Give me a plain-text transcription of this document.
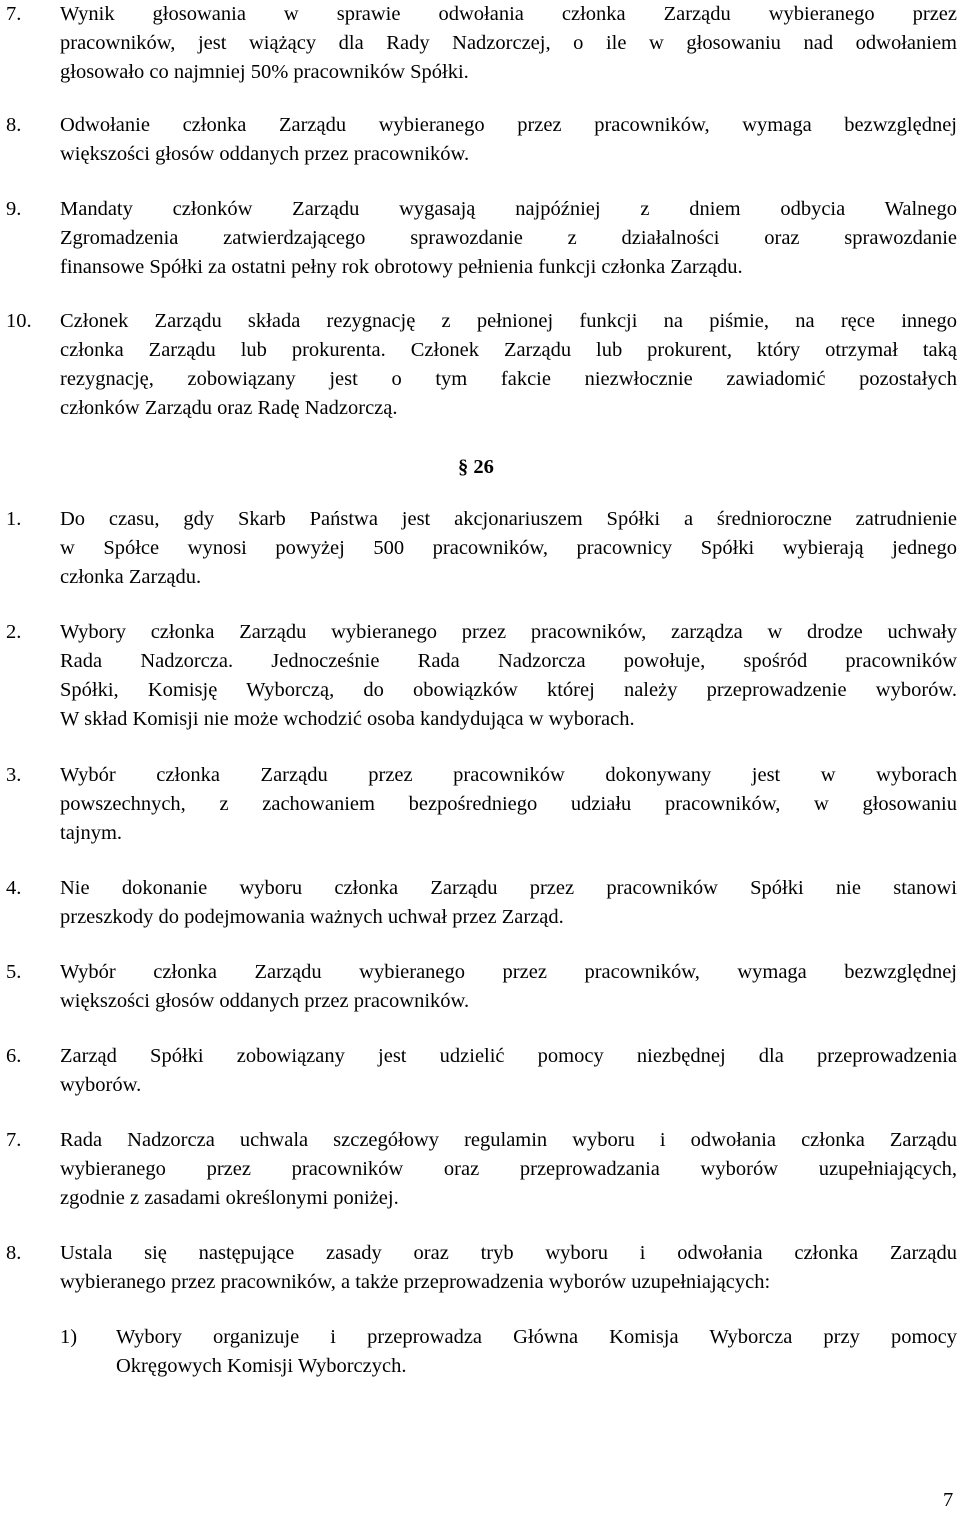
7. Wynik głosowania w sprawie odwołania członka Zarządu wybieranego przez
pracowników, jest wiążący dla Rady Nadzorczej, o ile w głosowaniu nad odwołaniem
głosowało co najmniej 50% pracowników Spółki.
8. Odwołanie członka Zarządu wybieranego przez pracowników, wymaga bezwzględnej
większości głosów oddanych przez pracowników.
9. Mandaty członków Zarządu wygasają najpóźniej z dniem odbycia Walnego
Zgromadzenia zatwierdzającego sprawozdanie z działalności oraz sprawozdanie
finansowe Spółki za ostatni pełny rok obrotowy pełnienia funkcji członka Zarządu.
10. Członek Zarządu składa rezygnację z pełnionej funkcji na piśmie, na ręce innego
członka Zarządu lub prokurenta. Członek Zarządu lub prokurent, który otrzymał taką
rezygnację, zobowiązany jest o tym fakcie niezwłocznie zawiadomić pozostałych
członków Zarządu oraz Radę Nadzorczą.
§ 26
1. Do czasu, gdy Skarb Państwa jest akcjonariuszem Spółki a średnioroczne zatrudnienie
w Spółce wynosi powyżej 500 pracowników, pracownicy Spółki wybierają jednego
członka Zarządu.
2. Wybory członka Zarządu wybieranego przez pracowników, zarządza w drodze uchwały
Rada Nadzorcza. Jednocześnie Rada Nadzorcza powołuje, spośród pracowników
Spółki, Komisję Wyborczą, do obowiązków której należy przeprowadzenie wyborów.
W skład Komisji nie może wchodzić osoba kandydująca w wyborach.
3. Wybór członka Zarządu przez pracowników dokonywany jest w wyborach
powszechnych, z zachowaniem bezpośredniego udziału pracowników, w głosowaniu
tajnym.
4. Nie dokonanie wyboru członka Zarządu przez pracowników Spółki nie stanowi
przeszkody do podejmowania ważnych uchwał przez Zarząd.
5. Wybór członka Zarządu wybieranego przez pracowników, wymaga bezwzględnej
większości głosów oddanych przez pracowników.
6. Zarząd Spółki zobowiązany jest udzielić pomocy niezbędnej dla przeprowadzenia
wyborów.
7. Rada Nadzorcza uchwala szczegółowy regulamin wyboru i odwołania członka Zarządu
wybieranego przez pracowników oraz przeprowadzania wyborów uzupełniających,
zgodnie z zasadami określonymi poniżej.
8. Ustala się następujące zasady oraz tryb wyboru i odwołania członka Zarządu
wybieranego przez pracowników, a także przeprowadzenia wyborów uzupełniających:
1) Wybory organizuje i przeprowadza Główna Komisja Wyborcza przy pomocy
Okręgowych Komisji Wyborczych.
7
